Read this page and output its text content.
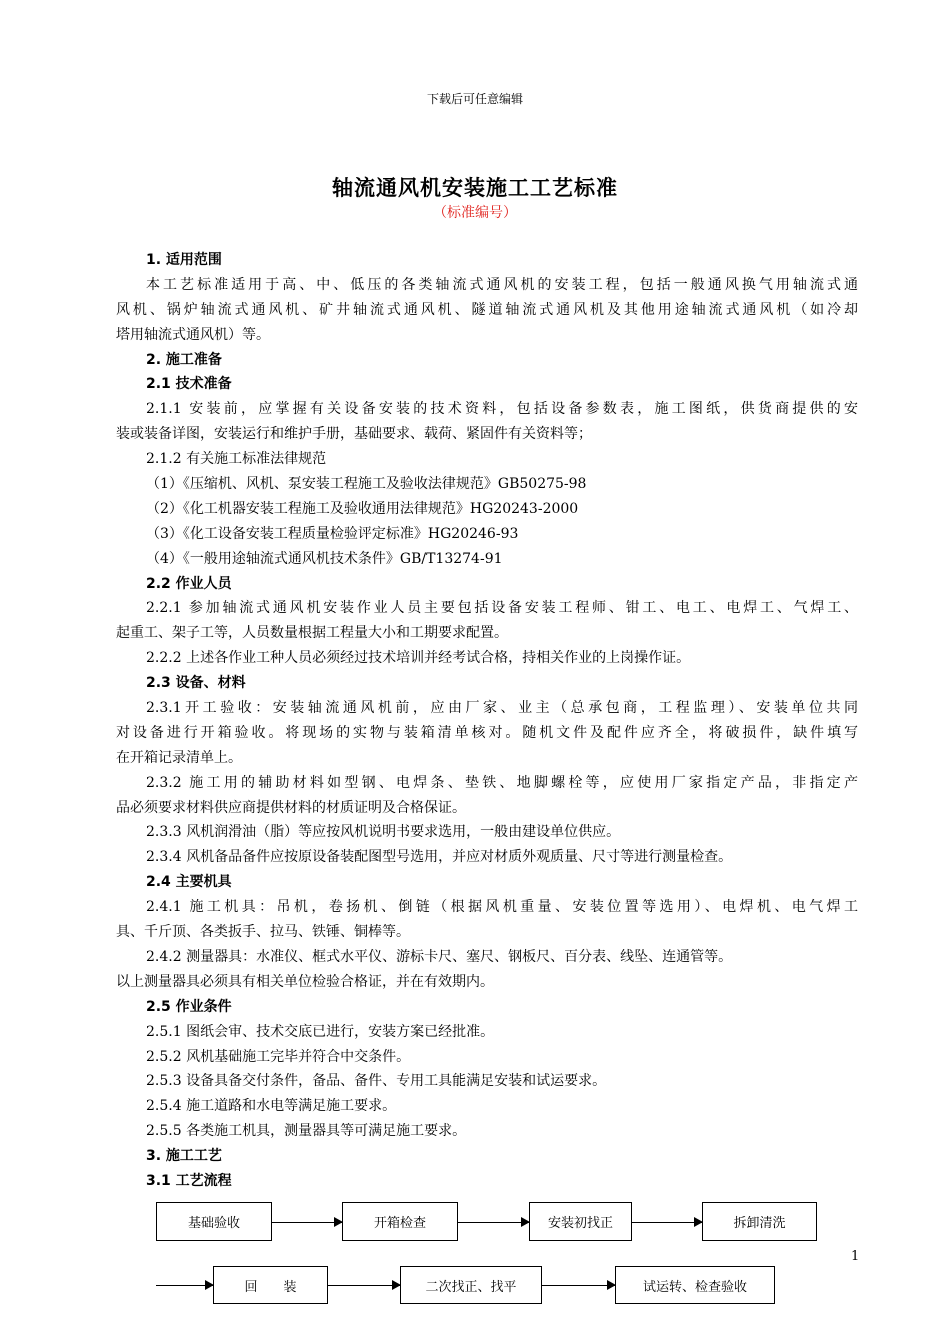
下载后可任意编辑
轴流通风机安装施工工艺标准
（标准编号）
1. 适用范围
本工艺标准适用于高、中、低压的各类轴流式通风机的安装工程，包括一般通风换气用轴流式通
风机、锅炉轴流式通风机、矿井轴流式通风机、隧道轴流式通风机及其他用途轴流式通风机（如冷却
塔用轴流式通风机）等。
2. 施工准备
2.1 技术准备
2.1.1 安装前，应掌握有关设备安装的技术资料，包括设备参数表，施工图纸，供货商提供的安
装或装备详图，安装运行和维护手册，基础要求、载荷、紧固件有关资料等；
2.1.2 有关施工标准法律规范
（1）《压缩机、风机、泵安装工程施工及验收法律规范》GB50275-98
（2）《化工机器安装工程施工及验收通用法律规范》HG20243-2000
（3）《化工设备安装工程质量检验评定标准》HG20246-93
（4）《一般用途轴流式通风机技术条件》GB/T13274-91
2.2 作业人员
2.2.1 参加轴流式通风机安装作业人员主要包括设备安装工程师、钳工、电工、电焊工、气焊工、
起重工、架子工等，人员数量根据工程量大小和工期要求配置。
2.2.2 上述各作业工种人员必须经过技术培训并经考试合格，持相关作业的上岗操作证。
2.3 设备、材料
2.3.1开工验收：安装轴流通风机前，应由厂家、业主（总承包商，工程监理）、安装单位共同
对设备进行开箱验收。将现场的实物与装箱清单核对。随机文件及配件应齐全，将破损件，缺件填写
在开箱记录清单上。
2.3.2 施工用的辅助材料如型钢、电焊条、垫铁、地脚螺栓等，应使用厂家指定产品，非指定产
品必须要求材料供应商提供材料的材质证明及合格保证。
2.3.3 风机润滑油（脂）等应按风机说明书要求选用，一般由建设单位供应。
2.3.4 风机备品备件应按原设备装配图型号选用，并应对材质外观质量、尺寸等进行测量检查。
2.4 主要机具
2.4.1 施工机具：吊机，卷扬机、倒链（根据风机重量、安装位置等选用）、电焊机、电气焊工
具、千斤顶、各类扳手、拉马、铁锤、铜棒等。
2.4.2 测量器具：水准仪、框式水平仪、游标卡尺、塞尺、钢板尺、百分表、线坠、连通管等。
以上测量器具必须具有相关单位检验合格证，并在有效期内。
2.5 作业条件
2.5.1 图纸会审、技术交底已进行，安装方案已经批准。
2.5.2 风机基础施工完毕并符合中交条件。
2.5.3 设备具备交付条件，备品、备件、专用工具能满足安装和试运要求。
2.5.4 施工道路和水电等满足施工要求。
2.5.5 各类施工机具，测量器具等可满足施工要求。
3. 施工工艺
3.1 工艺流程
基础验收	开箱检查	安装初找正	拆卸清洗
1
回　　装	二次找正、找平	试运转、检查验收
